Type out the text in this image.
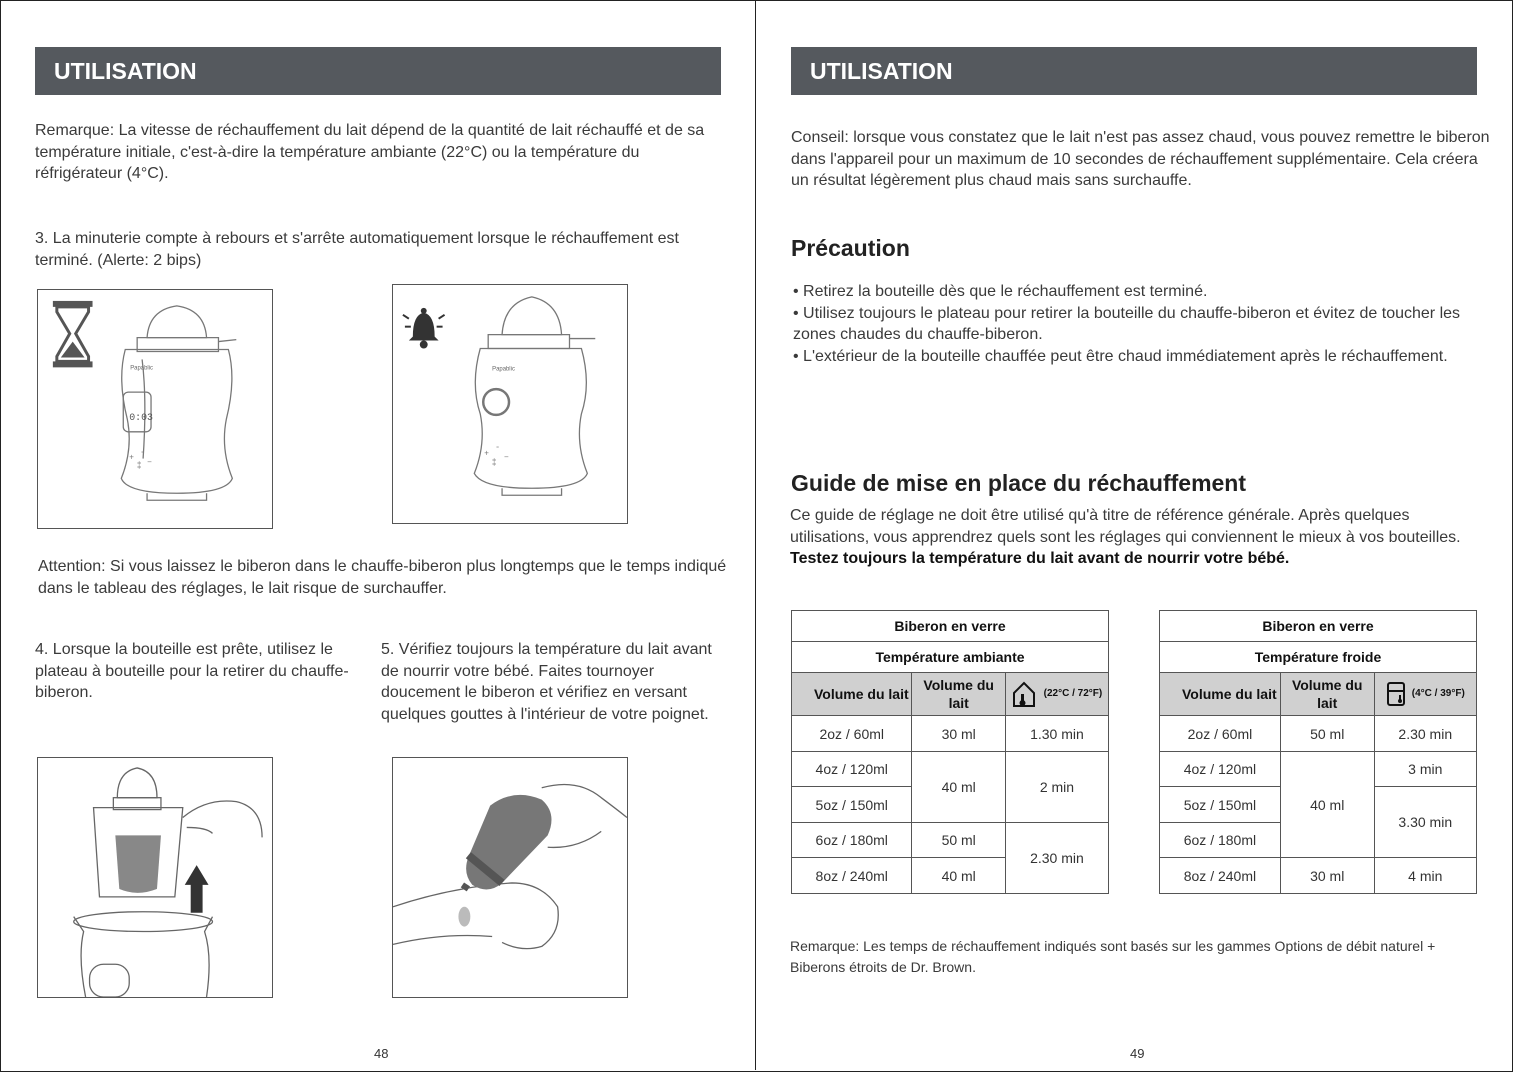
UTILISATION
Remarque: La vitesse de réchauffement du lait dépend de la quantité de lait réchauffé et de sa température initiale, c'est-à-dire la température ambiante (22°C) ou la température du réfrigérateur (4°C).
3. La minuterie compte à rebours et s'arrête automatiquement lorsque le réchauffement est terminé. (Alerte: 2 bips)
Papablic
0:03
+
◦
−
⁑
Papablic
+
◦
−
⁑
Attention: Si vous laissez le biberon dans le chauffe-biberon plus longtemps que le temps indiqué dans le tableau des réglages, le lait risque de surchauffer.
4. Lorsque la bouteille est prête, utilisez le plateau à bouteille pour la retirer du chauffe-biberon.
5. Vérifiez toujours la température du lait avant de nourrir votre bébé. Faites tournoyer doucement le biberon et vérifiez en versant quelques gouttes à l'intérieur de votre poignet.
48
UTILISATION
Conseil: lorsque vous constatez que le lait n'est pas assez chaud, vous pouvez remettre le biberon dans l'appareil pour un maximum de 10 secondes de réchauffement supplémentaire. Cela créera un résultat légèrement plus chaud mais sans surchauffe.
Précaution
• Retirez la bouteille dès que le réchauffement est terminé.
• Utilisez toujours le plateau pour retirer la bouteille du chauffe-biberon et évitez de toucher les zones chaudes du chauffe-biberon.
• L'extérieur de la bouteille chauffée peut être chaud immédiatement après le réchauffement.
Guide de mise en place du réchauffement
Ce guide de réglage ne doit être utilisé qu'à titre de référence générale. Après quelques utilisations, vous apprendrez quels sont les réglages qui conviennent le mieux à vos bouteilles. Testez toujours la température du lait avant de nourrir votre bébé.
Biberon en verre		
Température ambiante		
Volume du lait	Volume du lait	(22°C / 72°F)

2oz / 60ml	30 ml	1.30 min
4oz / 120ml	40 ml	2 min
5oz / 150ml		
6oz / 180ml	50 ml	2.30 min
8oz / 240ml	40 ml	
Biberon en verre		
Température froide		
Volume du lait	Volume du lait	(4°C / 39°F)

2oz / 60ml	50 ml	2.30 min
4oz / 120ml	40 ml	3 min
5oz / 150ml		3.30 min
6oz / 180ml		
8oz / 240ml	30 ml	4 min
Remarque: Les temps de réchauffement indiqués sont basés sur les gammes Options de débit naturel + Biberons étroits de Dr. Brown.
49
